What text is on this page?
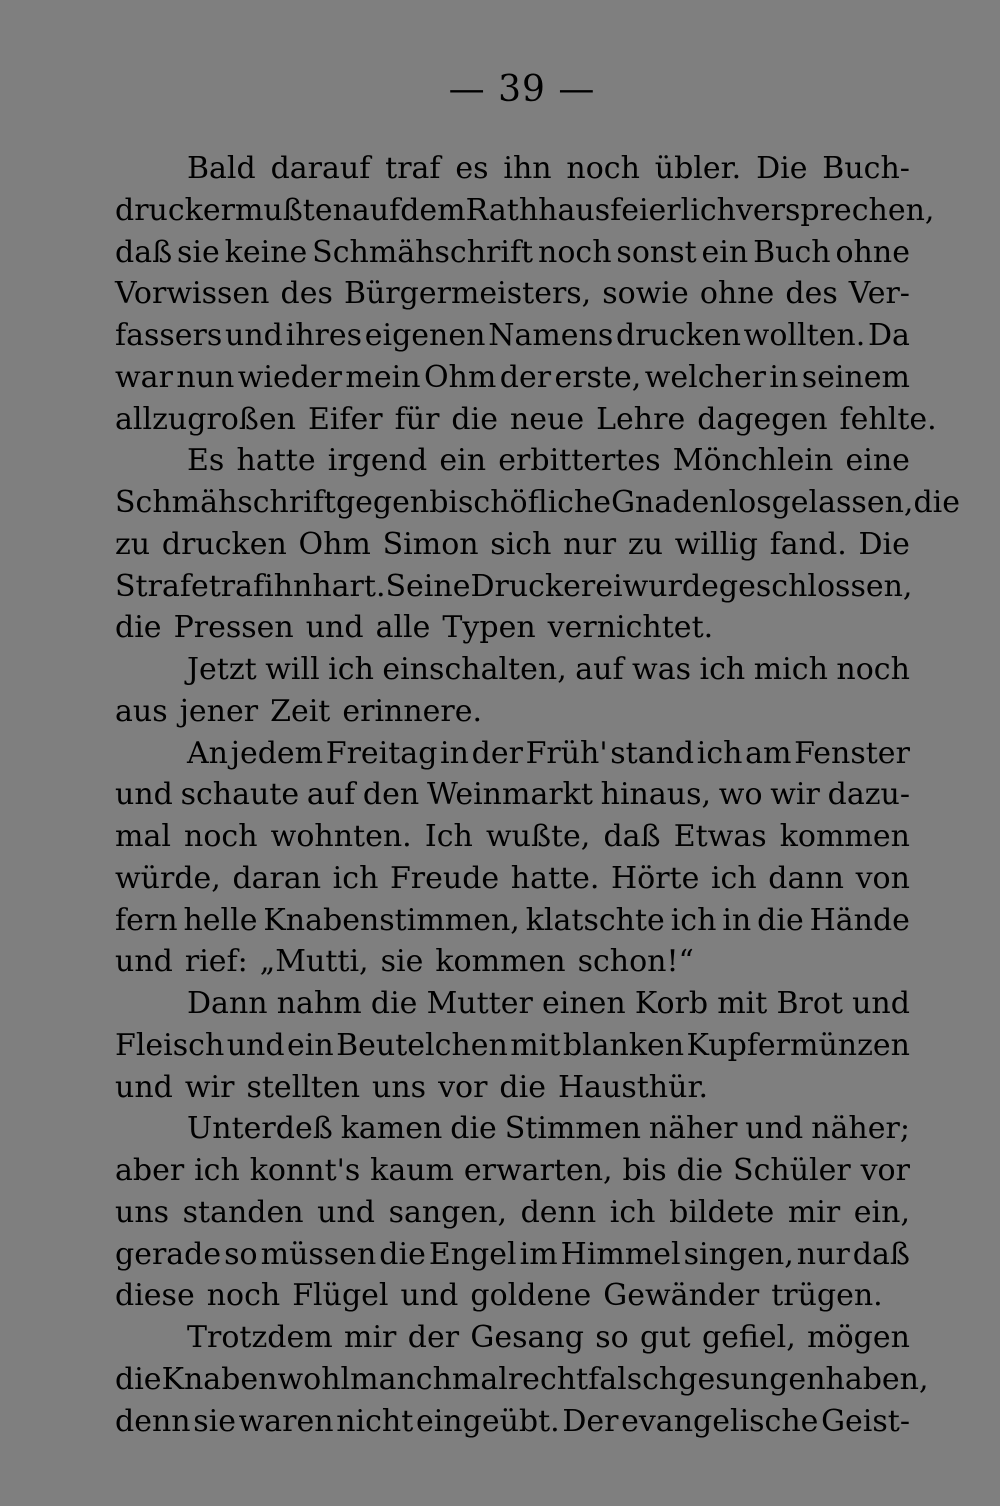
— 39 —
Bald darauf traf es ihn noch übler. Die Buch-
drucker mußten auf dem Rathhaus feierlich versprechen,
daß sie keine Schmähschrift noch sonst ein Buch ohne
Vorwissen des Bürgermeisters, sowie ohne des Ver-
fassers und ihres eigenen Namens drucken wollten. Da
war nun wieder mein Ohm der erste, welcher in seinem
allzugroßen Eifer für die neue Lehre dagegen fehlte.
Es hatte irgend ein erbittertes Mönchlein eine
Schmähschrift gegen bischöfliche Gnaden losgelassen, die
zu drucken Ohm Simon sich nur zu willig fand. Die
Strafe traf ihn hart. Seine Druckerei wurde geschlossen,
die Pressen und alle Typen vernichtet.
Jetzt will ich einschalten, auf was ich mich noch
aus jener Zeit erinnere.
An jedem Freitag in der Früh' stand ich am Fenster
und schaute auf den Weinmarkt hinaus, wo wir dazu-
mal noch wohnten. Ich wußte, daß Etwas kommen
würde, daran ich Freude hatte. Hörte ich dann von
fern helle Knabenstimmen, klatschte ich in die Hände
und rief: „Mutti, sie kommen schon!“
Dann nahm die Mutter einen Korb mit Brot und
Fleisch und ein Beutelchen mit blanken Kupfermünzen
und wir stellten uns vor die Hausthür.
Unterdeß kamen die Stimmen näher und näher;
aber ich konnt's kaum erwarten, bis die Schüler vor
uns standen und sangen, denn ich bildete mir ein,
gerade so müssen die Engel im Himmel singen, nur daß
diese noch Flügel und goldene Gewänder trügen.
Trotzdem mir der Gesang so gut gefiel, mögen
die Knaben wohl manchmal recht falsch gesungen haben,
denn sie waren nicht eingeübt. Der evangelische Geist-
